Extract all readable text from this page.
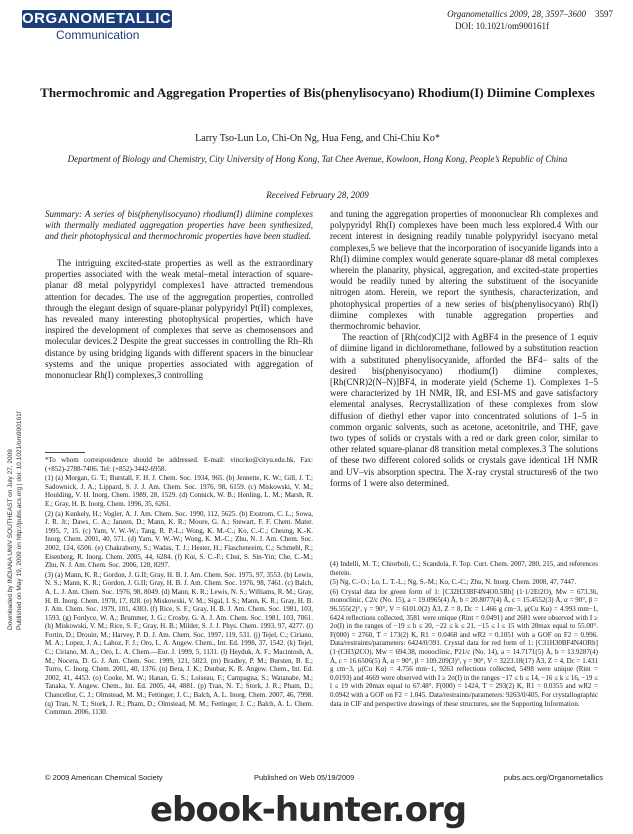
ORGANOMETALLICS
Communication
Organometallics 2009, 28, 3597–3600 3597
DOI: 10.1021/om900161f
Downloaded by INDIANA UNIV SOUTHEAST on July 27, 2009 Published on May 19, 2009 on http://pubs.acs.org | doi: 10.1021/om900161f
Thermochromic and Aggregation Properties of Bis(phenylisocyano) Rhodium(I) Diimine Complexes
Larry Tso-Lun Lo, Chi-On Ng, Hua Feng, and Chi-Chiu Ko*
Department of Biology and Chemistry, City University of Hong Kong, Tat Chee Avenue, Kowloon, Hong Kong, People’s Republic of China
Received February 28, 2009
Summary: A series of bis(phenylisocyano) rhodium(I) diimine complexes with thermally mediated aggregation properties have been synthesized, and their photophysical and thermochromic properties have been studied.

The intriguing excited-state properties as well as the extraordinary properties associated with the weak metal–metal interaction of square-planar d8 metal polypyridyl complexes1 have attracted tremendous attention for decades. The use of the aggregation properties, controlled through the elegant design of square-planar polypyridyl Pt(II) complexes, has revealed many interesting photophysical properties, which have inspired the development of complexes that serve as chemosensors and molecular devices.2 Despite the great successes in controlling the Rh–Rh distance by using bridging ligands with different spacers in the binuclear systems and the unique properties associated with aggregation of mononuclear Rh(I) complexes,3 controlling

*To whom correspondence should be addressed. E-mail: vinccko@cityu.edu.hk. Fax: (+852)-2788-7406. Tel: (+852)-3442-6958.

(1) (a) Morgan, G. T.; Burstall, F. H. J. Chem. Soc. 1934, 965. (b) Jennette, K. W.; Gill, J. T.; Sadownick, J. A.; Lippard, S. J. J. Am. Chem. Soc. 1976, 98, 6159. (c) Miskowski, V. M.; Houlding, V. H. Inorg. Chem. 1989, 28, 1529. (d) Connick, W. B.; Henling, L. M.; Marsh, R. E.; Gray, H. B. Inorg. Chem. 1996, 35, 6261.

(2) (a) Kunkely, H.; Vogler, A. J. Am. Chem. Soc. 1990, 112, 5625. (b) Exstrom, C. L.; Sowa, J. R. Jr.; Daws, C. A.; Janzen, D.; Mann, K. R.; Moore, G. A.; Stewart, F. F. Chem. Mater. 1995, 7, 15. (c) Yam, V. W.-W.; Tang, R. P.-L.; Wong, K. M.-C.; Ko, C.-C.; Cheung, K.-K. Inorg. Chem. 2001, 40, 571. (d) Yam, V. W.-W.; Wong, K. M.-C.; Zhu, N. J. Am. Chem. Soc. 2002, 124, 6506. (e) Chakraborty, S.; Wadas, T. J.; Hester, H.; Flaschenreim, C.; Schmehl, R.; Eisenberg, R. Inorg. Chem. 2005, 44, 6284. (f) Kui, S. C.-F.; Chui, S. Sin-Yin; Che, C.-M.; Zhu, N. J. Am. Chem. Soc. 2006, 128, 8297.

(3) (a) Mann, K. R.; Gordon, J. G.II; Gray, H. B. J. Am. Chem. Soc. 1975, 97, 3553. (b) Lewis, N. S.; Mann, K. R.; Gordon, J. G.II; Gray, H. B. J. Am. Chem. Soc. 1976, 98, 7461. (c) Balch, A. L. J. Am. Chem. Soc. 1976, 98, 8049. (d) Mann, K. R.; Lewis, N. S.; Williams, R. M.; Gray, H. B. Inorg. Chem. 1978, 17, 828. (e) Miskowski, V. M.; Sigal, I. S.; Mann, K. R.; Gray, H. B. J. Am. Chem. Soc. 1979, 101, 4383. (f) Rice, S. F.; Gray, H. B. J. Am. Chem. Soc. 1981, 103, 1593. (g) Fordyce, W. A.; Brummer, J. G.; Crosby, G. A. J. Am. Chem. Soc. 1981, 103, 7061. (h) Miskowski, V. M.; Rice, S. F.; Gray, H. B.; Milder, S. J. J. Phys. Chem. 1993, 97, 4277. (i) Fortin, D.; Drouin, M.; Harvey, P. D. J. Am. Chem. Soc. 1997, 119, 531. (j) Tejel, C.; Ciriano, M. A.; Lopez, J. A.; Lahoz, F. J.; Oro, L. A. Angew. Chem., Int. Ed. 1998, 37, 1542. (k) Tejel, C.; Ciriano, M. A.; Oro, L. A. Chem.—Eur. J. 1999, 5, 1131. (l) Heyduk, A. F.; Macintosh, A. M.; Nocera, D. G. J. Am. Chem. Soc. 1999, 121, 5023. (m) Bradley, P. M.; Bursten, B. E.; Turro, C. Inorg. Chem. 2001, 40, 1376. (n) Bera, J. K.; Dunbar, K. R. Angew. Chem., Int. Ed. 2002, 41, 4453. (o) Cooke, M. W.; Hanan, G. S.; Loiseau, F.; Campagna, S.; Watanabe, M.; Tanaka, Y. Angew. Chem., Int. Ed. 2005, 44, 4881. (p) Tran, N. T.; Stork, J. R.; Pham, D.; Chancellor, C. J.; Olmstead, M. M.; Fettinger, J. C.; Balch, A. L. Inorg. Chem. 2007, 46, 7998. (q) Tran, N. T.; Stork, J. R.; Pham, D.; Olmstead, M. M.; Fettinger, J. C.; Balch, A. L. Chem. Commun. 2006, 1130.

and tuning the aggregation properties of mononuclear Rh complexes and polypyridyl Rh(I) complexes have been much less explored.4 With our recent interest in designing readily tunable polypyridyl isocyano metal complexes,5 we believe that the incorporation of isocyanide ligands into a Rh(I) diimine complex would generate square-planar d8 metal complexes wherein the planarity, physical, aggregation, and excited-state properties would be readily tuned by altering the substituent of the isocyanide nitrogen atom. Herein, we report the synthesis, characterization, and photophysical properties of a new series of bis(phenylisocyano) Rh(I) diimine complexes with tunable aggregation properties and thermochromic behavior.

The reaction of [Rh(cod)Cl]2 with AgBF4 in the presence of 1 equiv of diimine ligand in dichloromethane, followed by a substitution reaction with a substituted phenylisocyanide, afforded the BF4− salts of the desired bis(phenyisocyano) rhodium(I) diimine complexes, [Rh(CNR)2(N–N)]BF4, in moderate yield (Scheme 1). Complexes 1–5 were characterized by 1H NMR, IR, and ESI-MS and gave satisfactory elemental analyses. Recrystallization of these complexes from slow diffusion of diethyl ether vapor into concentrated solutions of 1–5 in common organic solvents, such as acetone, acetonitrile, and THF, gave two types of solids or crystals with a red or dark green color, similar to other related square-planar d8 transition metal complexes.3 The solutions of these two different colored solids or crystals gave identical 1H NMR and UV–vis absorption spectra. The X-ray crystal structures6 of the two forms of 1 were also determined.

(4) Indelli, M. T.; Chiorboli, C.; Scandola, F. Top. Curr. Chem. 2007, 280, 215, and references therein.

(5) Ng, C.-O.; Lo, L. T.-L.; Ng, S.-M.; Ko, C.-C.; Zhu, N. Inorg. Chem. 2008, 47, 7447.

(6) Crystal data for green form of 1: [C32H33BF4N4O0.5Rh] (1·1/2Et2O), Mw = 673.36, monoclinic, C2/c (No. 15), a = 19.0965(4) Å, b = 20.8077(4) Å, c = 15.4552(3) Å, α = 90°, β = 96.555(2)°, γ = 90°, V = 6101.0(2) Å3, Z = 8, Dc = 1.466 g cm−3, μ(Cu Kα) = 4.993 mm−1, 6424 reflections collected, 3581 were unique (Rint = 0.0491) and 2681 were observed with I ≥ 2σ(I) in the ranges of −19 ≤ h ≤ 20, −22 ≤ k ≤ 21, −15 ≤ l ≤ 15 with 2θmax equal to 55.00°. F(000) = 2760, T = 173(2) K, R1 = 0.0468 and wR2 = 0.1051 with a GOF on F2 = 0.996. Data/restraints/parameters: 6424/0/391. Crystal data for red form of 1: [C31H30BF4N4ORh] (1·(CH3)2CO), Mw = 694.38, monoclinic, P21/c (No. 14), a = 14.7171(5) Å, b = 13.9287(4) Å, c = 16.6506(5) Å, α = 90°, β = 109.209(3)°, γ = 90°, V = 3223.18(17) Å3, Z = 4, Dc = 1.431 g cm−3, μ(Cu Kα) = 4.756 mm−1, 9263 reflections collected, 5498 were unique (Rint = 0.0193) and 4669 were observed with I ≥ 2σ(I) in the ranges −17 ≤ h ≤ 14, −16 ≤ k ≤ 16, −19 ≤ l ≤ 19 with 2θmax equal to 67.48°. F(000) = 1424, T = 293(2) K, R1 = 0.0355 and wR2 = 0.0942 with a GOF on F2 = 1.045. Data/restraints/parameters: 9263/0/405. For crystallographic data in CIF and perspective drawings of these structures, see the Supporting Information.

© 2009 American Chemical Society	Published on Web 05/19/2009	pubs.acs.org/Organometallics
ebook-hunter.org
